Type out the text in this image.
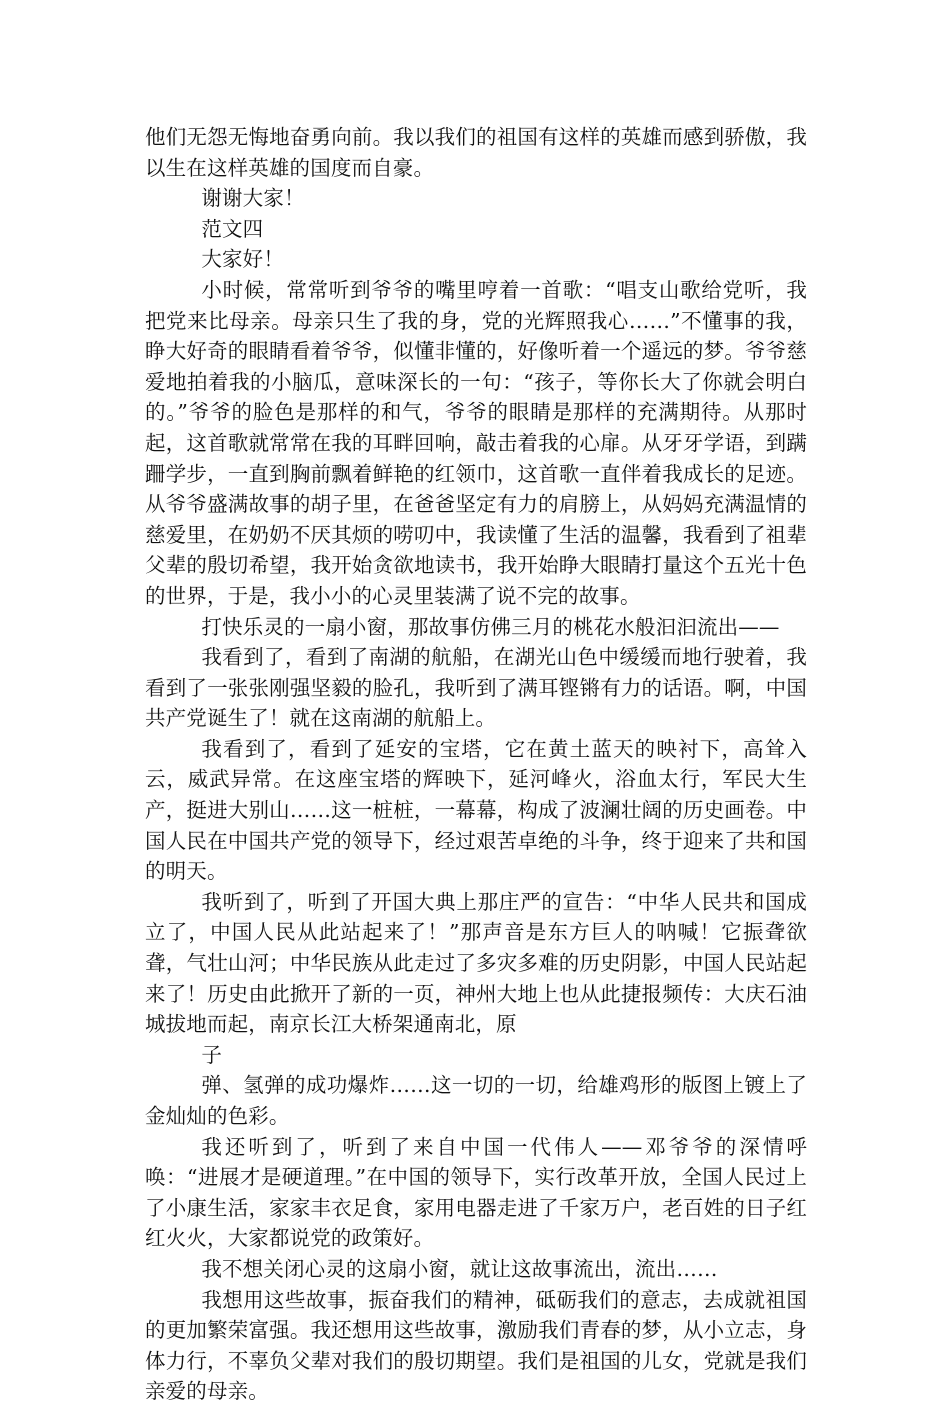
他们无怨无悔地奋勇向前。我以我们的祖国有这样的英雄而感到骄傲，我以生在这样英雄的国度而自豪。

谢谢大家！

范文四

大家好！

小时候，常常听到爷爷的嘴里哼着一首歌：“唱支山歌给党听，我把党来比母亲。母亲只生了我的身，党的光辉照我心……”不懂事的我，睁大好奇的眼睛看着爷爷，似懂非懂的，好像听着一个遥远的梦。爷爷慈爱地拍着我的小脑瓜，意味深长的一句：“孩子，等你长大了你就会明白的。”爷爷的脸色是那样的和气，爷爷的眼睛是那样的充满期待。从那时起，这首歌就常常在我的耳畔回响，敲击着我的心扉。从牙牙学语，到蹒跚学步，一直到胸前飘着鲜艳的红领巾，这首歌一直伴着我成长的足迹。从爷爷盛满故事的胡子里，在爸爸坚定有力的肩膀上，从妈妈充满温情的慈爱里，在奶奶不厌其烦的唠叨中，我读懂了生活的温馨，我看到了祖辈父辈的殷切希望，我开始贪欲地读书，我开始睁大眼睛打量这个五光十色的世界，于是，我小小的心灵里装满了说不完的故事。

打快乐灵的一扇小窗，那故事仿佛三月的桃花水般汩汩流出——

我看到了，看到了南湖的航船，在湖光山色中缓缓而地行驶着，我看到了一张张刚强坚毅的脸孔，我听到了满耳铿锵有力的话语。啊，中国共产党诞生了！就在这南湖的航船上。

我看到了，看到了延安的宝塔，它在黄土蓝天的映衬下，高耸入云，威武异常。在这座宝塔的辉映下，延河峰火，浴血太行，军民大生产，挺进大别山……这一桩桩，一幕幕，构成了波澜壮阔的历史画卷。中国人民在中国共产党的领导下，经过艰苦卓绝的斗争，终于迎来了共和国的明天。

我听到了，听到了开国大典上那庄严的宣告：“中华人民共和国成立了，中国人民从此站起来了！”那声音是东方巨人的呐喊！它振聋欲聋，气壮山河；中华民族从此走过了多灾多难的历史阴影，中国人民站起来了！历史由此掀开了新的一页，神州大地上也从此捷报频传：大庆石油城拔地而起，南京长江大桥架通南北，原

子

弹、氢弹的成功爆炸……这一切的一切，给雄鸡形的版图上镀上了金灿灿的色彩。

我还听到了，听到了来自中国一代伟人——邓爷爷的深情呼唤：“进展才是硬道理。”在中国的领导下，实行改革开放，全国人民过上了小康生活，家家丰衣足食，家用电器走进了千家万户，老百姓的日子红红火火，大家都说党的政策好。

我不想关闭心灵的这扇小窗，就让这故事流出，流出……

我想用这些故事，振奋我们的精神，砥砺我们的意志，去成就祖国的更加繁荣富强。我还想用这些故事，激励我们青春的梦，从小立志，身体力行，不辜负父辈对我们的殷切期望。我们是祖国的儿女，党就是我们亲爱的母亲。
